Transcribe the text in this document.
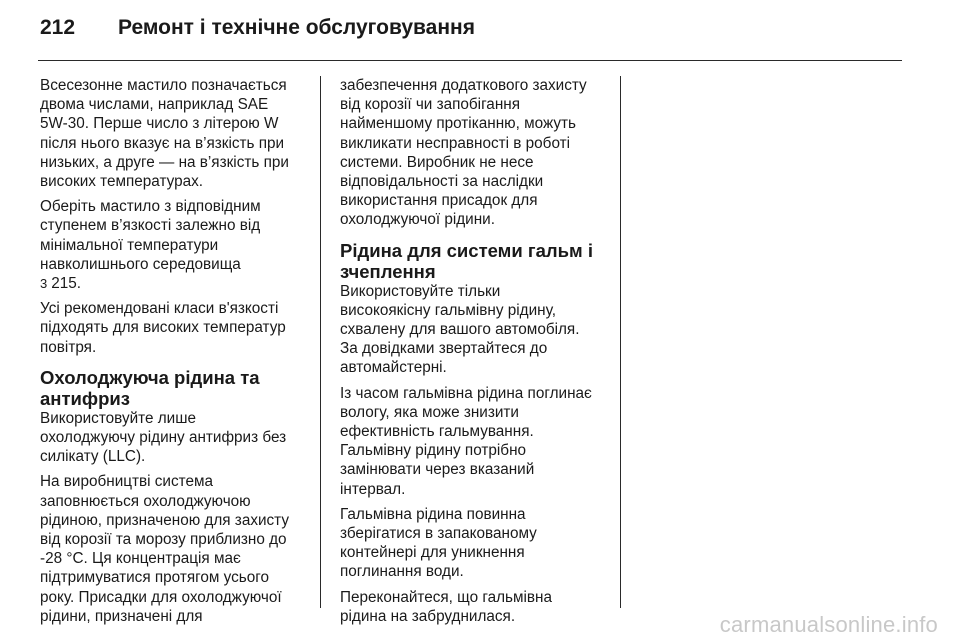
212 Ремонт і технічне обслуговування

Всесезонне мастило позначається
двома числами, наприклад SAE
5W-30. Перше число з літерою W
після нього вказує на в’язкість при
низьких, а друге — на в’язкість при
високих температурах.

Оберіть мастило з відповідним
ступенем в’язкості залежно від
мінімальної температури
навколишнього середовища
3 215.

Усі рекомендовані класи в'язкості
підходять для високих температур
повітря.

Охолоджуюча рідина та
антифриз

Використовуйте лише
охолоджуючу рідину антифриз без
силікату (LLC).

На виробництві система
заповнюється охолоджуючою
рідиною, призначеною для захисту
від корозії та морозу приблизно до
-28 °C. Ця концентрація має
підтримуватися протягом усього
року. Присадки для охолоджуючої
рідини, призначені для

забезпечення додаткового захисту
від корозії чи запобігання
найменшому протіканню, можуть
викликати несправності в роботі
системи. Виробник не несе
відповідальності за наслідки
використання присадок для
охолоджуючої рідини.

Рідина для системи гальм і
зчеплення

Використовуйте тільки
високоякісну гальмівну рідину,
схвалену для вашого автомобіля.
За довідками звертайтеся до
автомайстерні.

Із часом гальмівна рідина поглинає
вологу, яка може знизити
ефективність гальмування.
Гальмівну рідину потрібно
замінювати через вказаний
інтервал.

Гальмівна рідина повинна
зберігатися в запакованому
контейнері для уникнення
поглинання води.

Переконайтеся, що гальмівна
рідина на забруднилася.	carmanualsonline.info
